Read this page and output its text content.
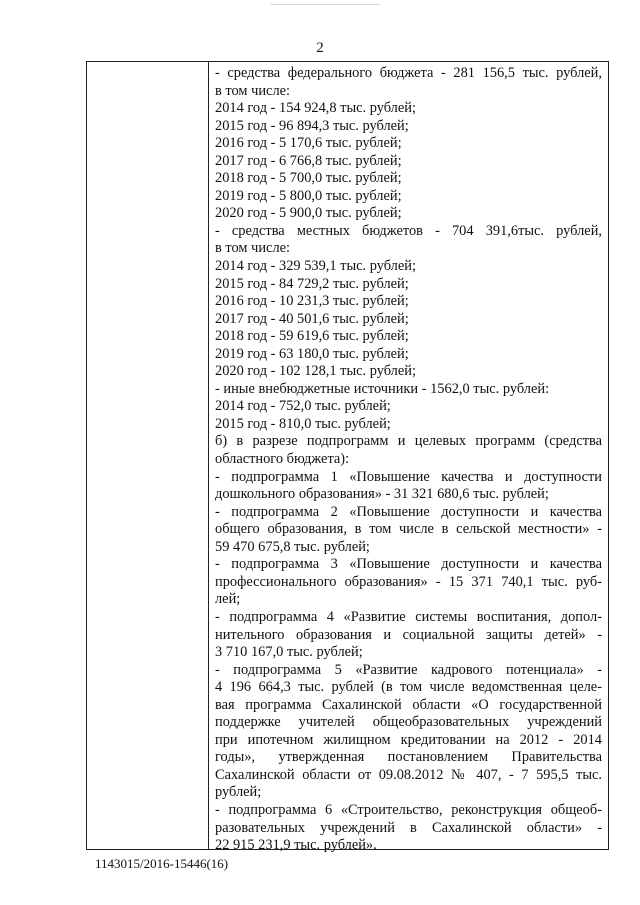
2
- средства федерального бюджета - 281 156,5 тыс. рублей,
в том числе:
2014 год - 154 924,8 тыс. рублей;
2015 год - 96 894,3 тыс. рублей;
2016 год - 5 170,6 тыс. рублей;
2017 год - 6 766,8 тыс. рублей;
2018 год - 5 700,0 тыс. рублей;
2019 год - 5 800,0 тыс. рублей;
2020 год - 5 900,0 тыс. рублей;
- средства местных бюджетов - 704 391,6тыс. рублей,
в том числе:
2014 год - 329 539,1 тыс. рублей;
2015 год - 84 729,2 тыс. рублей;
2016 год - 10 231,3 тыс. рублей;
2017 год - 40 501,6 тыс. рублей;
2018 год - 59 619,6 тыс. рублей;
2019 год - 63 180,0 тыс. рублей;
2020 год - 102 128,1 тыс. рублей;
- иные внебюджетные источники - 1562,0 тыс. рублей:
2014 год - 752,0 тыс. рублей;
2015 год - 810,0 тыс. рублей;
б) в разрезе подпрограмм и целевых программ (средства
областного бюджета):
- подпрограмма 1 «Повышение качества и доступности
дошкольного образования» - 31 321 680,6 тыс. рублей;
- подпрограмма 2 «Повышение доступности и качества
общего образования, в том числе в сельской местности» -
59 470 675,8 тыс. рублей;
- подпрограмма 3 «Повышение доступности и качества
профессионального образования» - 15 371 740,1 тыс. руб-
лей;
- подпрограмма 4 «Развитие системы воспитания, допол-
нительного образования и социальной защиты детей» -
3 710 167,0 тыс. рублей;
- подпрограмма 5 «Развитие кадрового потенциала» -
4 196 664,3 тыс. рублей (в том числе ведомственная целе-
вая программа Сахалинской области «О государственной
поддержке учителей общеобразовательных учреждений
при ипотечном жилищном кредитовании на 2012 - 2014
годы», утвержденная постановлением Правительства
Сахалинской области от 09.08.2012 № 407, - 7 595,5 тыс.
рублей;
- подпрограмма 6 «Строительство, реконструкция общеоб-
разовательных учреждений в Сахалинской области» -
22 915 231,9 тыс. рублей».
1143015/2016-15446(16)
